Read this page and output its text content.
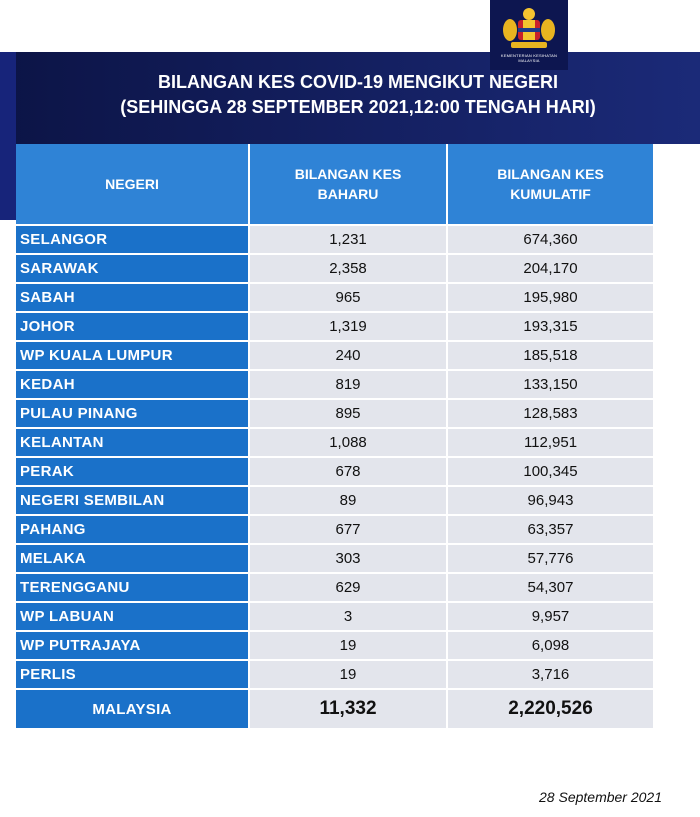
KEMENTERIAN KESIHATAN MALAYSIA
BILANGAN KES COVID-19 MENGIKUT NEGERI
(SEHINGGA 28 SEPTEMBER 2021,12:00 TENGAH HARI)
NEGERI	BILANGAN KES BAHARU	BILANGAN KES KUMULATIF
SELANGOR	1,231	674,360
SARAWAK	2,358	204,170
SABAH	965	195,980
JOHOR	1,319	193,315
WP KUALA LUMPUR	240	185,518
KEDAH	819	133,150
PULAU PINANG	895	128,583
KELANTAN	1,088	112,951
PERAK	678	100,345
NEGERI SEMBILAN	89	96,943
PAHANG	677	63,357
MELAKA	303	57,776
TERENGGANU	629	54,307
WP LABUAN	3	9,957
WP PUTRAJAYA	19	6,098
PERLIS	19	3,716
MALAYSIA	11,332	2,220,526
28 September 2021
